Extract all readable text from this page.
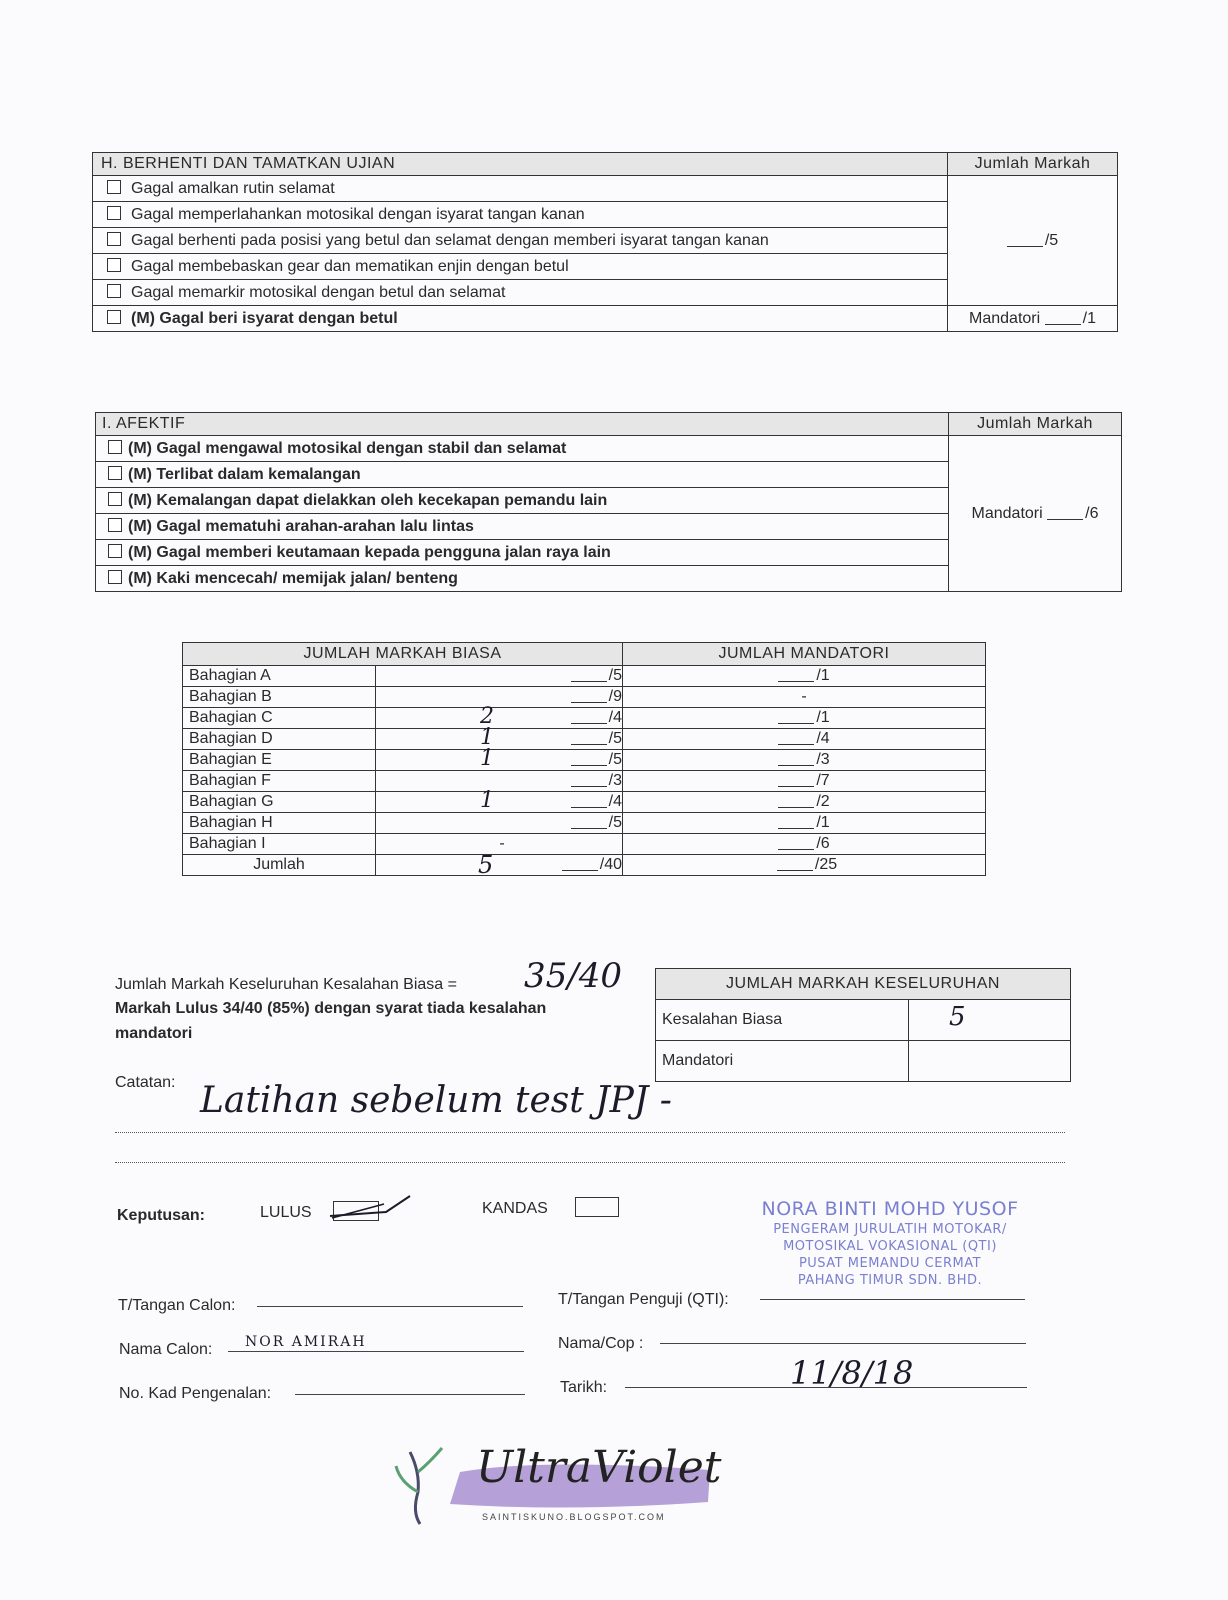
H. BERHENTI DAN TAMATKAN UJIAN	Jumlah Markah
Gagal amalkan rutin selamat	/5
Gagal memperlahankan motosikal dengan isyarat tangan kanan	
Gagal berhenti pada posisi yang betul dan selamat dengan memberi isyarat tangan kanan	
Gagal membebaskan gear dan mematikan enjin dengan betul	
Gagal memarkir motosikal dengan betul dan selamat	
(M) Gagal beri isyarat dengan betul	Mandatori /1
I. AFEKTIF	Jumlah Markah
(M) Gagal mengawal motosikal dengan stabil dan selamat	Mandatori /6
(M) Terlibat dalam kemalangan	
(M) Kemalangan dapat dielakkan oleh kecekapan pemandu lain	
(M) Gagal mematuhi arahan-arahan lalu lintas	
(M) Gagal memberi keutamaan kepada pengguna jalan raya lain	
(M) Kaki mencecah/ memijak jalan/ benteng	
JUMLAH MARKAH BIASA		JUMLAH MANDATORI
Bahagian A	/5	/1
Bahagian B	/9	-
Bahagian C	2 /4	/1
Bahagian D	1 /5	/4
Bahagian E	1 /5	/3
Bahagian F	/3	/7
Bahagian G	1 /4	/2
Bahagian H	/5	/1
Bahagian I	-	/6
Jumlah	5 /40	/25
Jumlah Markah Keseluruhan Kesalahan Biasa = 35/40
Markah Lulus 34/40 (85%) dengan syarat tiada kesalahan
mandatori
JUMLAH MARKAH KESELURUHAN	
Kesalahan Biasa	5

Mandatori	
Catatan: Latihan sebelum test JPJ -
Keputusan:	LULUS	KANDAS	NORA BINTI MOHD YUSOF
PENGERAM JURULATIH MOTOKAR/
MOTOSIKAL VOKASIONAL (QTI)
PUSAT MEMANDU CERMAT
PAHANG TIMUR SDN. BHD.
T/Tangan Calon:
Nama Calon: NOR AMIRAH
No. Kad Pengenalan:
T/Tangan Penguji (QTI):
Nama/Cop :
Tarikh:	11/8/18
UltraViolet
SAINTISKUNO.BLOGSPOT.COM
